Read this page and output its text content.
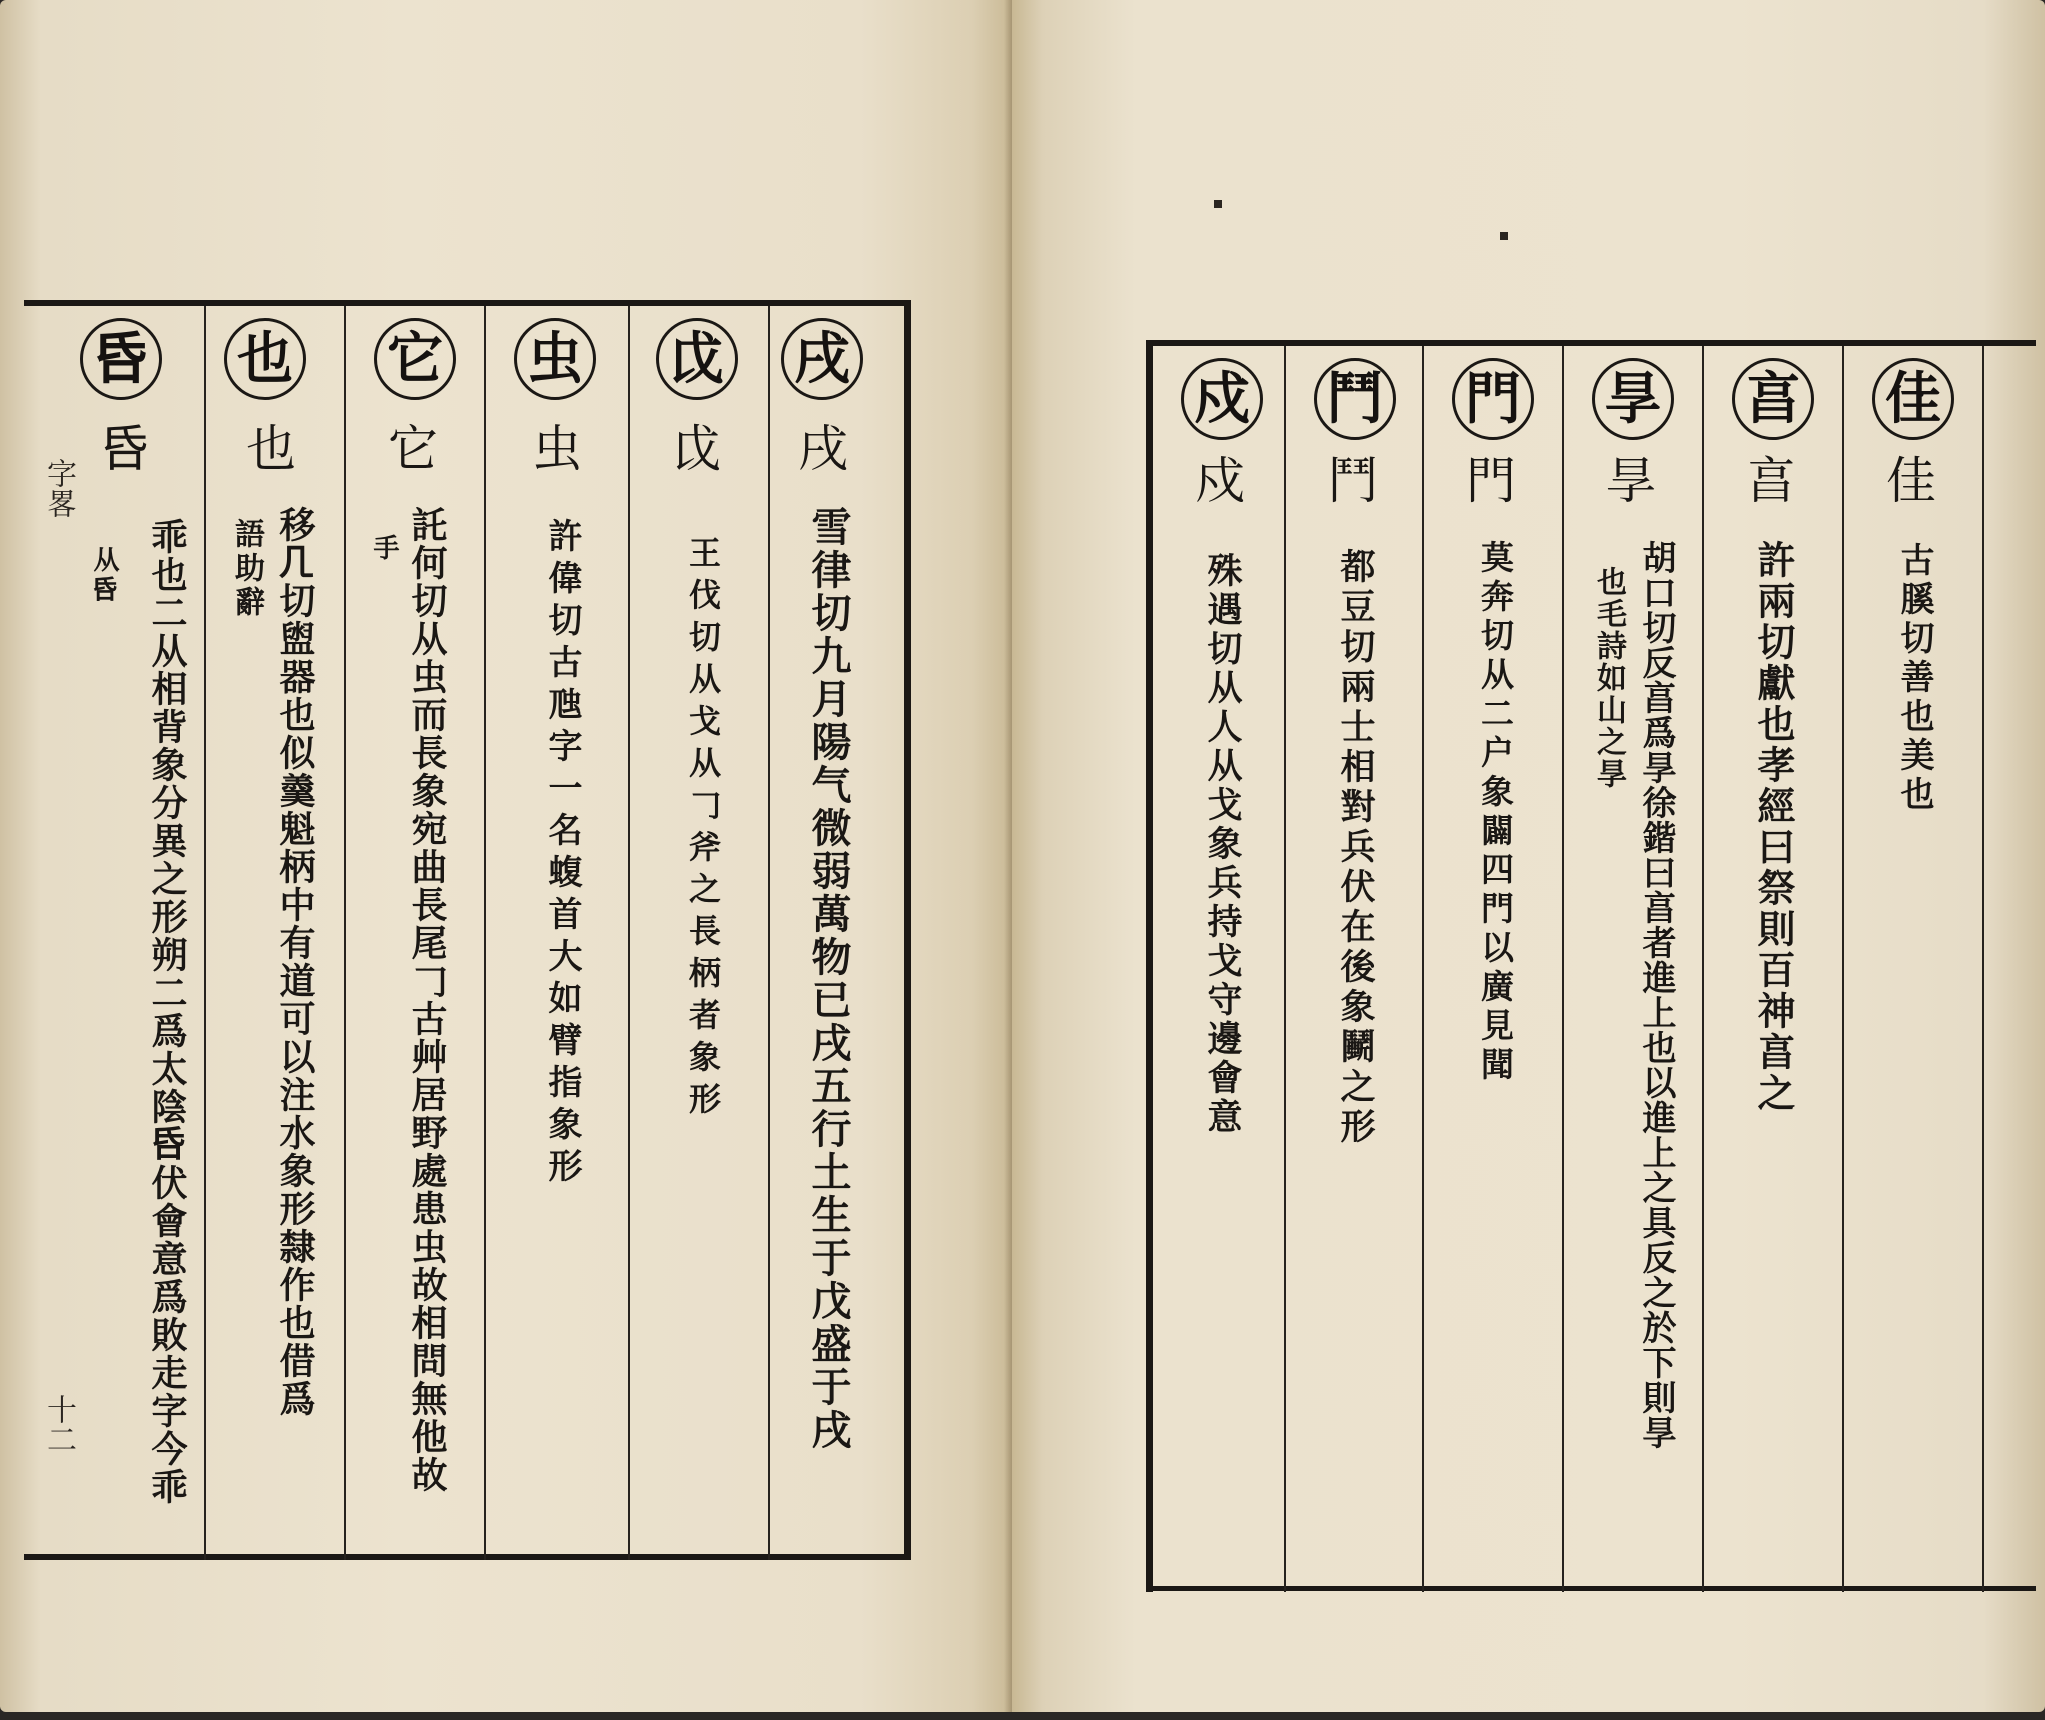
字畧
十二
戌
戌
雪律切九月陽气微弱萬物已戌五行土生于戊盛于戌
戉
戉
王伐切从戈从𠃌斧之長柄者象形
虫
虫
許偉切古虺字一名蝮首大如臂指象形
它
它
手 託何切从虫而長象宛曲長尾𠃌古艸居野處患虫故相問無他故
也
也
語助辭 移𠘧切盥器也似羹魁柄中有道可以注水象形隸作也借爲
𠯑
𠯑
从𠯑 乖也二从相背象分異之形朔二爲太陰𠯑伏會意爲敗走字今乖
佳
佳
古膎切善也美也
亯
亯
許兩切獻也孝經曰祭則百神亯之
㫗
㫗
胡口切反亯爲㫗徐鍇曰亯者進上也以進上之具反之於下則㫗
也毛詩如山之㫗
門
門
莫奔切从二户象闢四門以廣見聞
鬥
鬥
都豆切兩士相對兵伏在後象鬭之形
戍
戍
殊遇切从人从戈象兵持戈守邊會意
